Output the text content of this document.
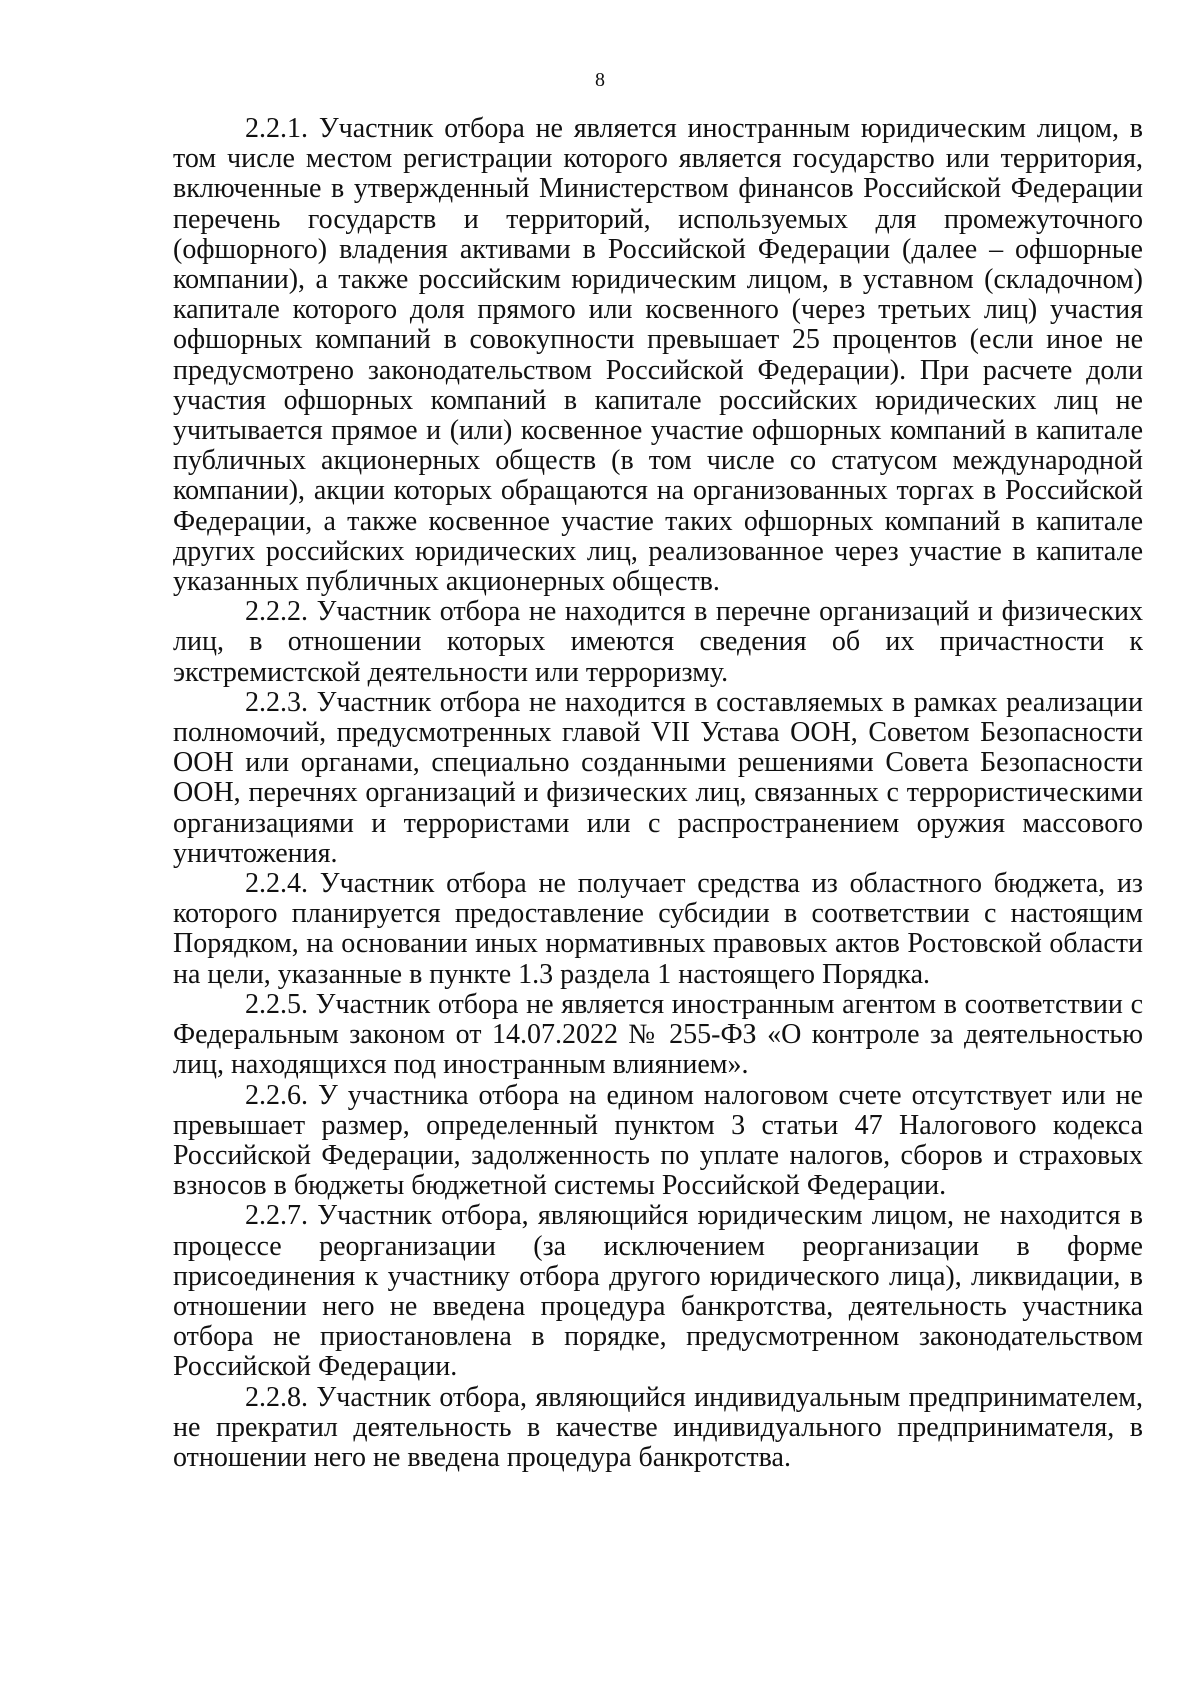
8

2.2.1. Участник отбора не является иностранным юридическим лицом, в том числе местом регистрации которого является государство или территория, включенные в утвержденный Министерством финансов Российской Федерации перечень государств и территорий, используемых для промежуточного (офшорного) владения активами в Российской Федерации (далее – офшорные компании), а также российским юридическим лицом, в уставном (складочном) капитале которого доля прямого или косвенного (через третьих лиц) участия офшорных компаний в совокупности превышает 25 процентов (если иное не предусмотрено законодательством Российской Федерации). При расчете доли участия офшорных компаний в капитале российских юридических лиц не учитывается прямое и (или) косвенное участие офшорных компаний в капитале публичных акционерных обществ (в том числе со статусом международной компании), акции которых обращаются на организованных торгах в Российской Федерации, а также косвенное участие таких офшорных компаний в капитале других российских юридических лиц, реализованное через участие в капитале указанных публичных акционерных обществ.

2.2.2. Участник отбора не находится в перечне организаций и физических лиц, в отношении которых имеются сведения об их причастности к экстремистской деятельности или терроризму.

2.2.3. Участник отбора не находится в составляемых в рамках реализации полномочий, предусмотренных главой VII Устава ООН, Советом Безопасности ООН или органами, специально созданными решениями Совета Безопасности ООН, перечнях организаций и физических лиц, связанных с террористическими организациями и террористами или с распространением оружия массового уничтожения.

2.2.4. Участник отбора не получает средства из областного бюджета, из которого планируется предоставление субсидии в соответствии с настоящим Порядком, на основании иных нормативных правовых актов Ростовской области на цели, указанные в пункте 1.3 раздела 1 настоящего Порядка.

2.2.5. Участник отбора не является иностранным агентом в соответствии с Федеральным законом от 14.07.2022 № 255-ФЗ «О контроле за деятельностью лиц, находящихся под иностранным влиянием».

2.2.6. У участника отбора на едином налоговом счете отсутствует или не превышает размер, определенный пунктом 3 статьи 47 Налогового кодекса Российской Федерации, задолженность по уплате налогов, сборов и страховых взносов в бюджеты бюджетной системы Российской Федерации.

2.2.7. Участник отбора, являющийся юридическим лицом, не находится в процессе реорганизации (за исключением реорганизации в форме присоединения к участнику отбора другого юридического лица), ликвидации, в отношении него не введена процедура банкротства, деятельность участника отбора не приостановлена в порядке, предусмотренном законодательством Российской Федерации.

2.2.8. Участник отбора, являющийся индивидуальным предпринимателем, не прекратил деятельность в качестве индивидуального предпринимателя, в отношении него не введена процедура банкротства.
